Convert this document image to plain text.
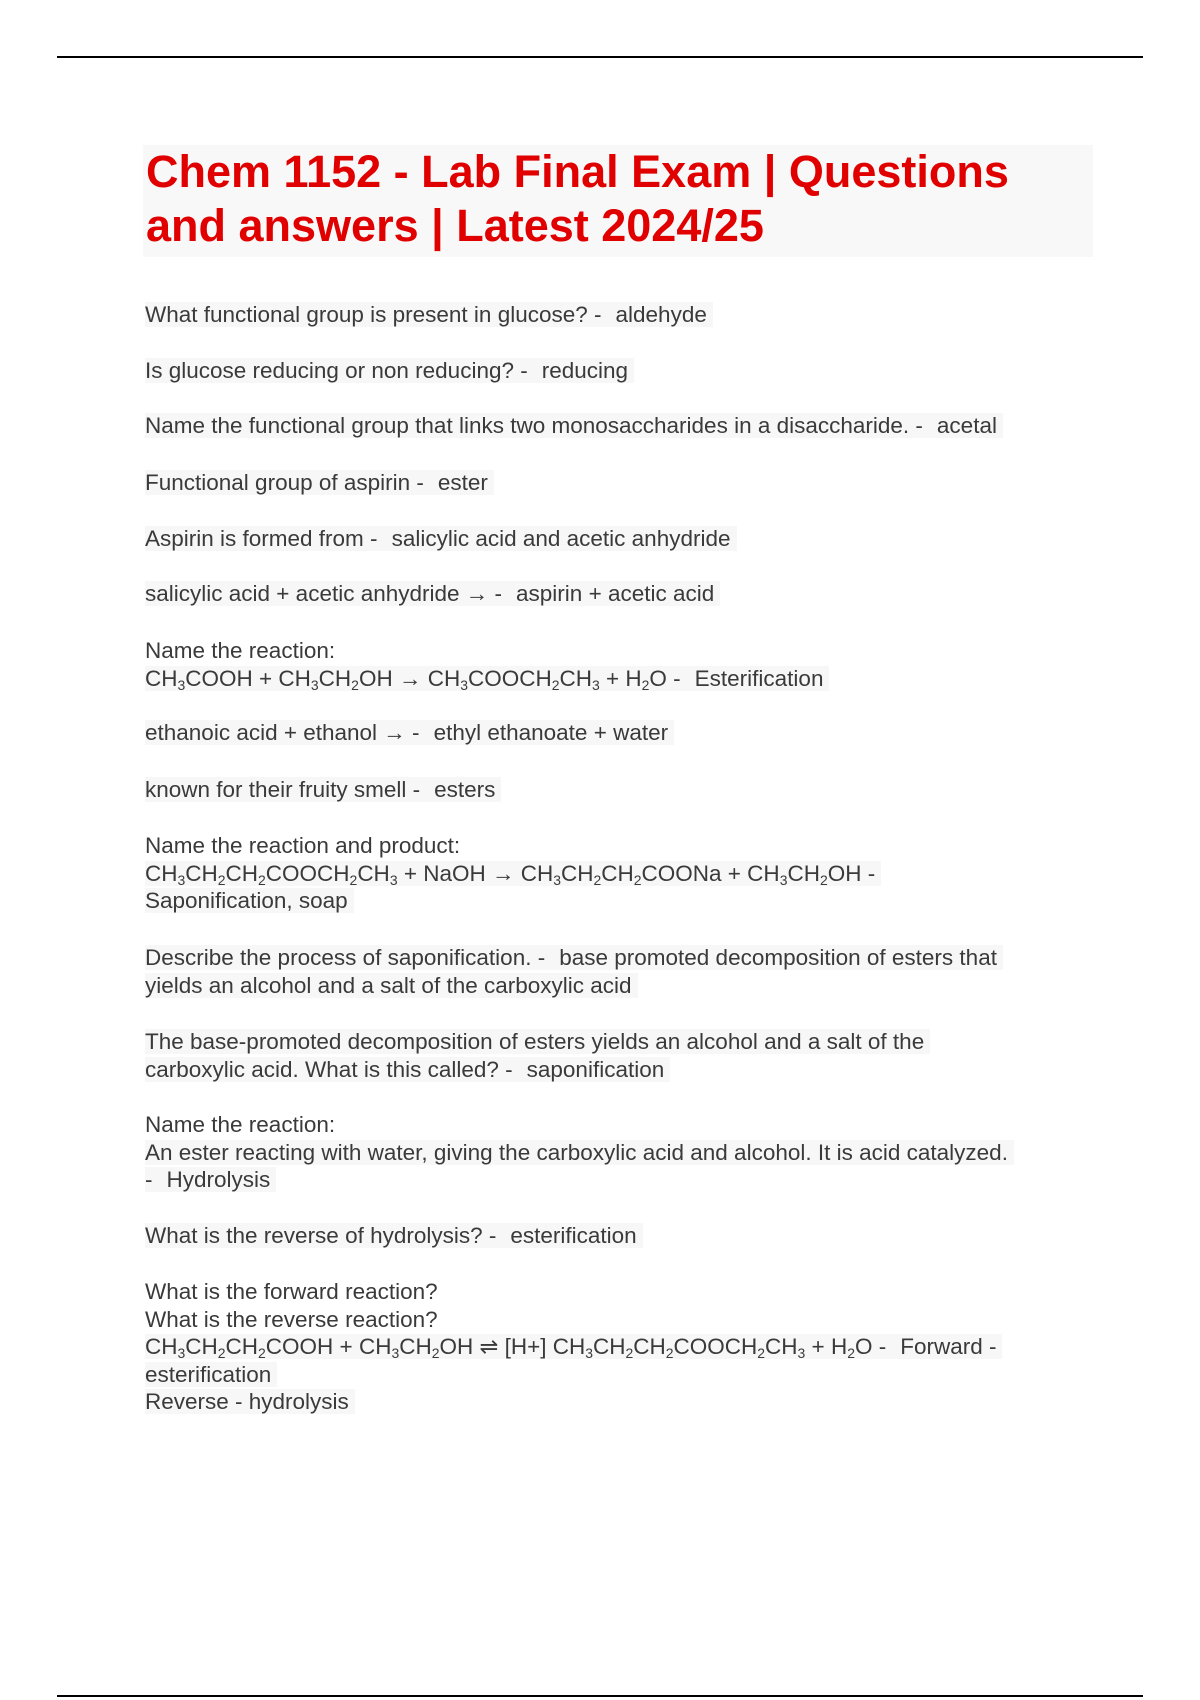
Chem 1152 - Lab Final Exam | Questions
and answers | Latest 2024/25
What functional group is present in glucose? - aldehyde
Is glucose reducing or non reducing? - reducing
Name the functional group that links two monosaccharides in a disaccharide. - acetal
Functional group of aspirin - ester
Aspirin is formed from - salicylic acid and acetic anhydride
salicylic acid + acetic anhydride → - aspirin + acetic acid
Name the reaction:
$CH_3COOH + CH_3CH_2OH$ → $CH_3COOCH_2CH_3 + H_2O$ - Esterification
ethanoic acid + ethanol → - ethyl ethanoate + water
known for their fruity smell - esters
Name the reaction and product:
$CH_3CH_2CH_2COOCH_2CH_3$ + NaOH → $CH_3CH_2CH_2COONa + CH_3CH_2OH$ -
Saponification, soap
Describe the process of saponification. - base promoted decomposition of esters that
yields an alcohol and a salt of the carboxylic acid
The base-promoted decomposition of esters yields an alcohol and a salt of the
carboxylic acid. What is this called? - saponification
Name the reaction:
An ester reacting with water, giving the carboxylic acid and alcohol. It is acid catalyzed.
- Hydrolysis
What is the reverse of hydrolysis? - esterification
What is the forward reaction?
What is the reverse reaction?
$CH_3CH_2CH_2COOH + CH_3CH_2OH$ ⇌ [H+] $CH_3CH_2CH_2COOCH_2CH_3 + H_2O$ - Forward -
esterification
Reverse - hydrolysis
